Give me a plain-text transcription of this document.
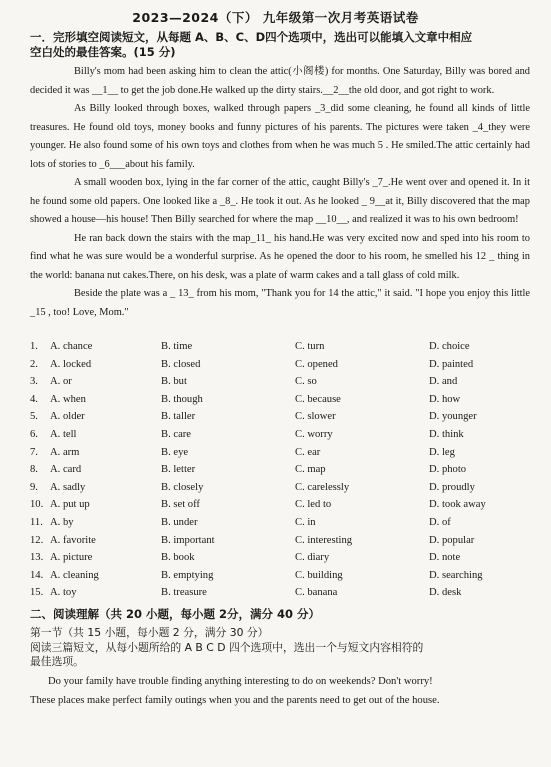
2023—2024（下） 九年级第一次月考英语试卷
一．完形填空阅读短文，从每题 A、B、C、D四个选项中，选出可以能填入文章中相应
空白处的最佳答案。(15 分)

Billy's mom had been asking him to clean the attic(小阁楼) for months. One Saturday, Billy was bored and decided it was __1__ to get the job done.He walked up the dirty stairs.__2__the old door, and got right to work.

As Billy looked through boxes, walked through papers _3_did some cleaning, he found all kinds of little treasures. He found old toys, money books and funny pictures of his parents. The pictures were taken _4_they were younger. He also found some of his own toys and clothes from when he was much 5 . He smiled.The attic certainly had lots of stories to _6___about his family.

A small wooden box, lying in the far corner of the attic, caught Billy's _7_.He went over and opened it. In it he found some old papers. One looked like a _8_. He took it out. As he looked _ 9__at it, Billy discovered that the map showed a house—his house! Then Billy searched for where the map __10__, and realized it was to his own bedroom!

He ran back down the stairs with the map_11_ his hand.He was very excited now and sped into his room to find what he was sure would be a wonderful surprise. As he opened the door to his room, he smelled his 12 _ thing in the world: banana nut cakes.There, on his desk, was a plate of warm cakes and a tall glass of cold milk.

Beside the plate was a _ 13_ from his mom, "Thank you for 14 the attic," it said. "I hope you enjoy this little _15 , too! Love, Mom."

1. A. chance	B. time	C. turn	D. choice
2. A. locked	B. closed	C. opened	D. painted
3. A. or	B. but	C. so	D. and
4. A. when	B. though	C. because	D. how
5. A. older	B. taller	C. slower	D. younger
6. A. tell	B. care	C. worry	D. think
7. A. arm	B. eye	C. ear	D. leg
8. A. card	B. letter	C. map	D. photo
9. A. sadly	B. closely	C. carelessly	D. proudly
10. A. put up	B. set off	C. led to	D. took away
11. A. by	B. under	C. in	D. of
12. A. favorite	B. important	C. interesting	D. popular
13. A. picture	B. book	C. diary	D. note
14. A. cleaning	B. emptying	C. building	D. searching
15. A. toy	B. treasure	C. banana	D. desk
二、阅读理解（共 20 小题，每小题 2分，满分 40 分）
第一节（共 15 小题，每小题 2 分，满分 30 分）
阅读三篇短文，从每小题所给的 A B C D 四个选项中，选出一个与短文内容相符的
最佳选项。

Do your family have trouble finding anything interesting to do on weekends? Don't worry!

These places make perfect family outings when you and the parents need to get out of the house.
